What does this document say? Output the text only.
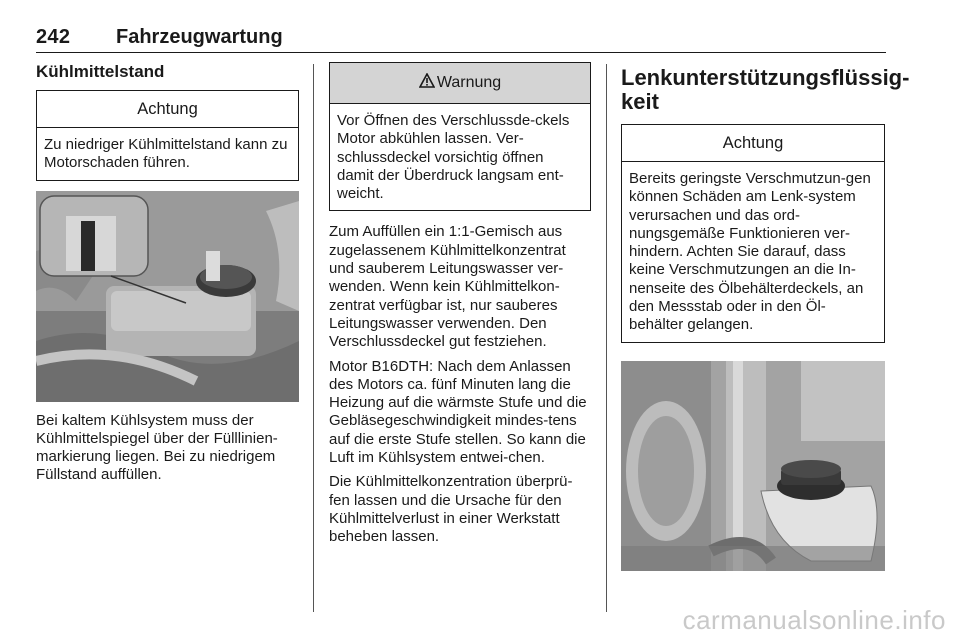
242 Fahrzeugwartung
Kühlmittelstand
Achtung
Zu niedriger Kühlmittelstand kann zu Motorschaden führen.

Bei kaltem Kühlsystem muss der Kühlmittelspiegel über der Fülllinien-markierung liegen. Bei zu niedrigem Füllstand auffüllen.

Warnung
Vor Öffnen des Verschlussde-ckels Motor abkühlen lassen. Ver-schlussdeckel vorsichtig öffnen damit der Überdruck langsam ent-weicht.

Zum Auffüllen ein 1:1-Gemisch aus zugelassenem Kühlmittelkonzentrat und sauberem Leitungswasser ver-wenden. Wenn kein Kühlmittelkon-zentrat verfügbar ist, nur sauberes Leitungswasser verwenden. Den Verschlussdeckel gut festziehen.

Motor B16DTH: Nach dem Anlassen des Motors ca. fünf Minuten lang die Heizung auf die wärmste Stufe und die Gebläsegeschwindigkeit mindes-tens auf die erste Stufe stellen. So kann die Luft im Kühlsystem entwei-chen.

Die Kühlmittelkonzentration überprü-fen lassen und die Ursache für den Kühlmittelverlust in einer Werkstatt beheben lassen.

Lenkunterstützungsflüssig-keit
Achtung
Bereits geringste Verschmutzun-gen können Schäden am Lenk-system verursachen und das ord-nungsgemäße Funktionieren ver-hindern. Achten Sie darauf, dass keine Verschmutzungen an die In-nenseite des Ölbehälterdeckels, an den Messstab oder in den Öl-behälter gelangen.
carmanualsonline.info
